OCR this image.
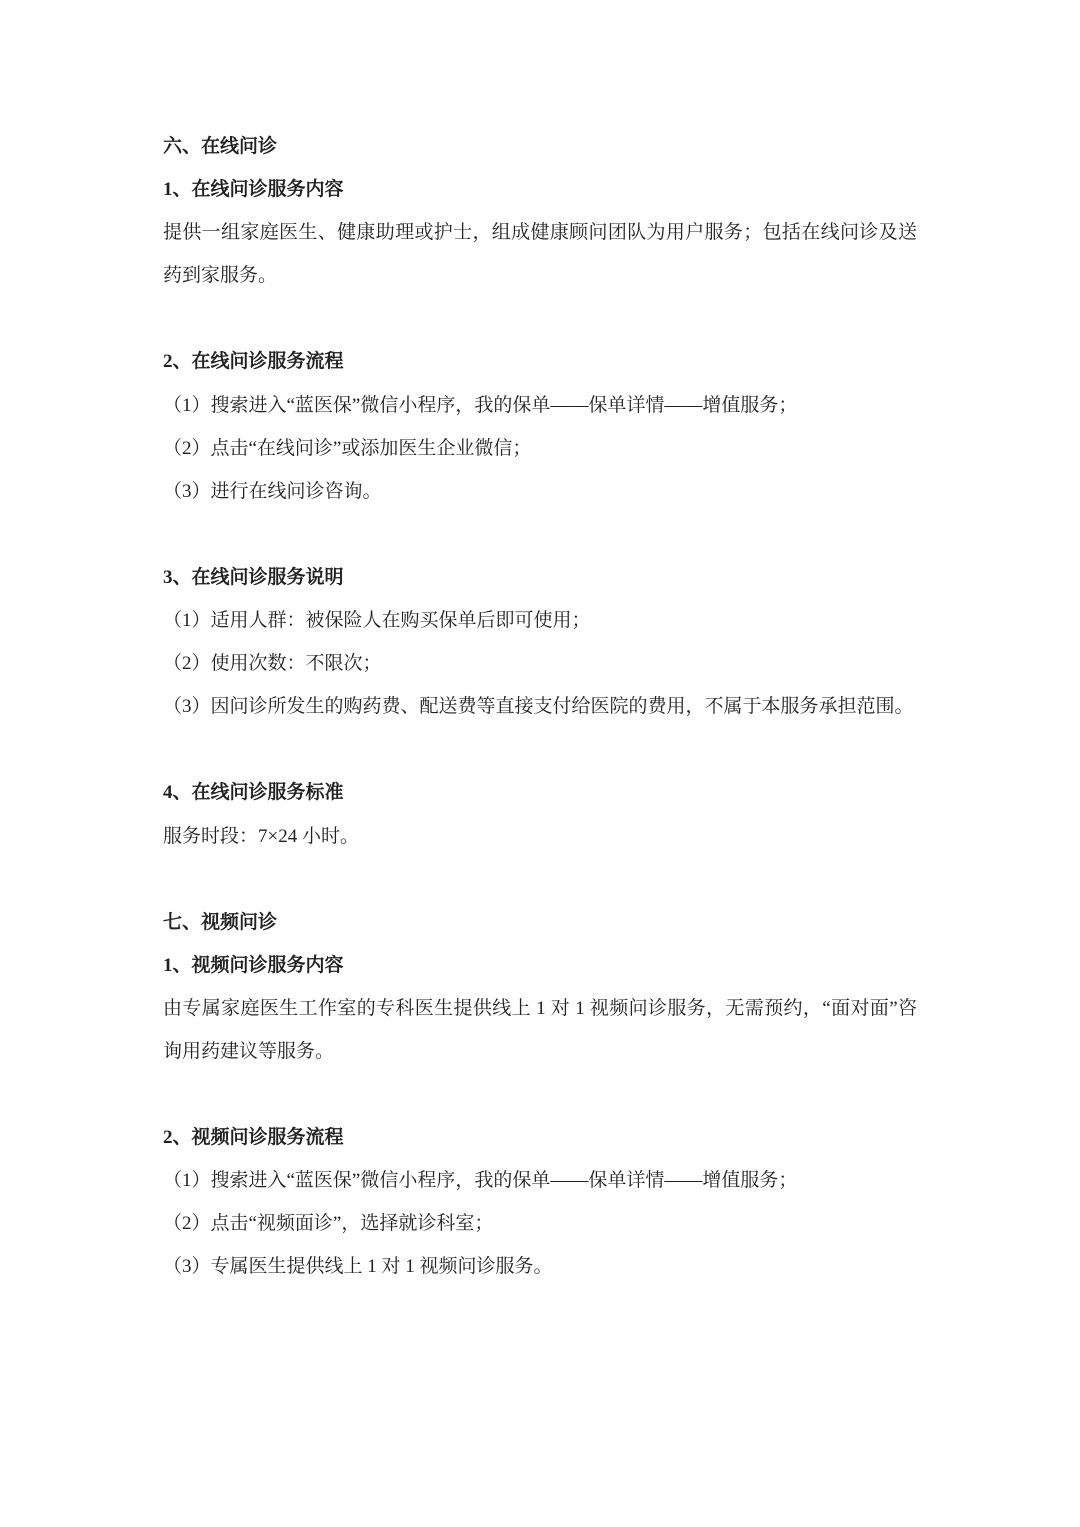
六、在线问诊
1、在线问诊服务内容

提供一组家庭医生、健康助理或护士，组成健康顾问团队为用户服务；包括在线问诊及送药到家服务。

2、在线问诊服务流程

（1）搜索进入“蓝医保”微信小程序，我的保单——保单详情——增值服务；

（2）点击“在线问诊”或添加医生企业微信；

（3）进行在线问诊咨询。

3、在线问诊服务说明

（1）适用人群：被保险人在购买保单后即可使用；

（2）使用次数：不限次；

（3）因问诊所发生的购药费、配送费等直接支付给医院的费用，不属于本服务承担范围。

4、在线问诊服务标准

服务时段：7×24 小时。

七、视频问诊
1、视频问诊服务内容

由专属家庭医生工作室的专科医生提供线上 1 对 1 视频问诊服务，无需预约，“面对面”咨询用药建议等服务。

2、视频问诊服务流程

（1）搜索进入“蓝医保”微信小程序，我的保单——保单详情——增值服务；

（2）点击“视频面诊”，选择就诊科室；

（3）专属医生提供线上 1 对 1 视频问诊服务。
